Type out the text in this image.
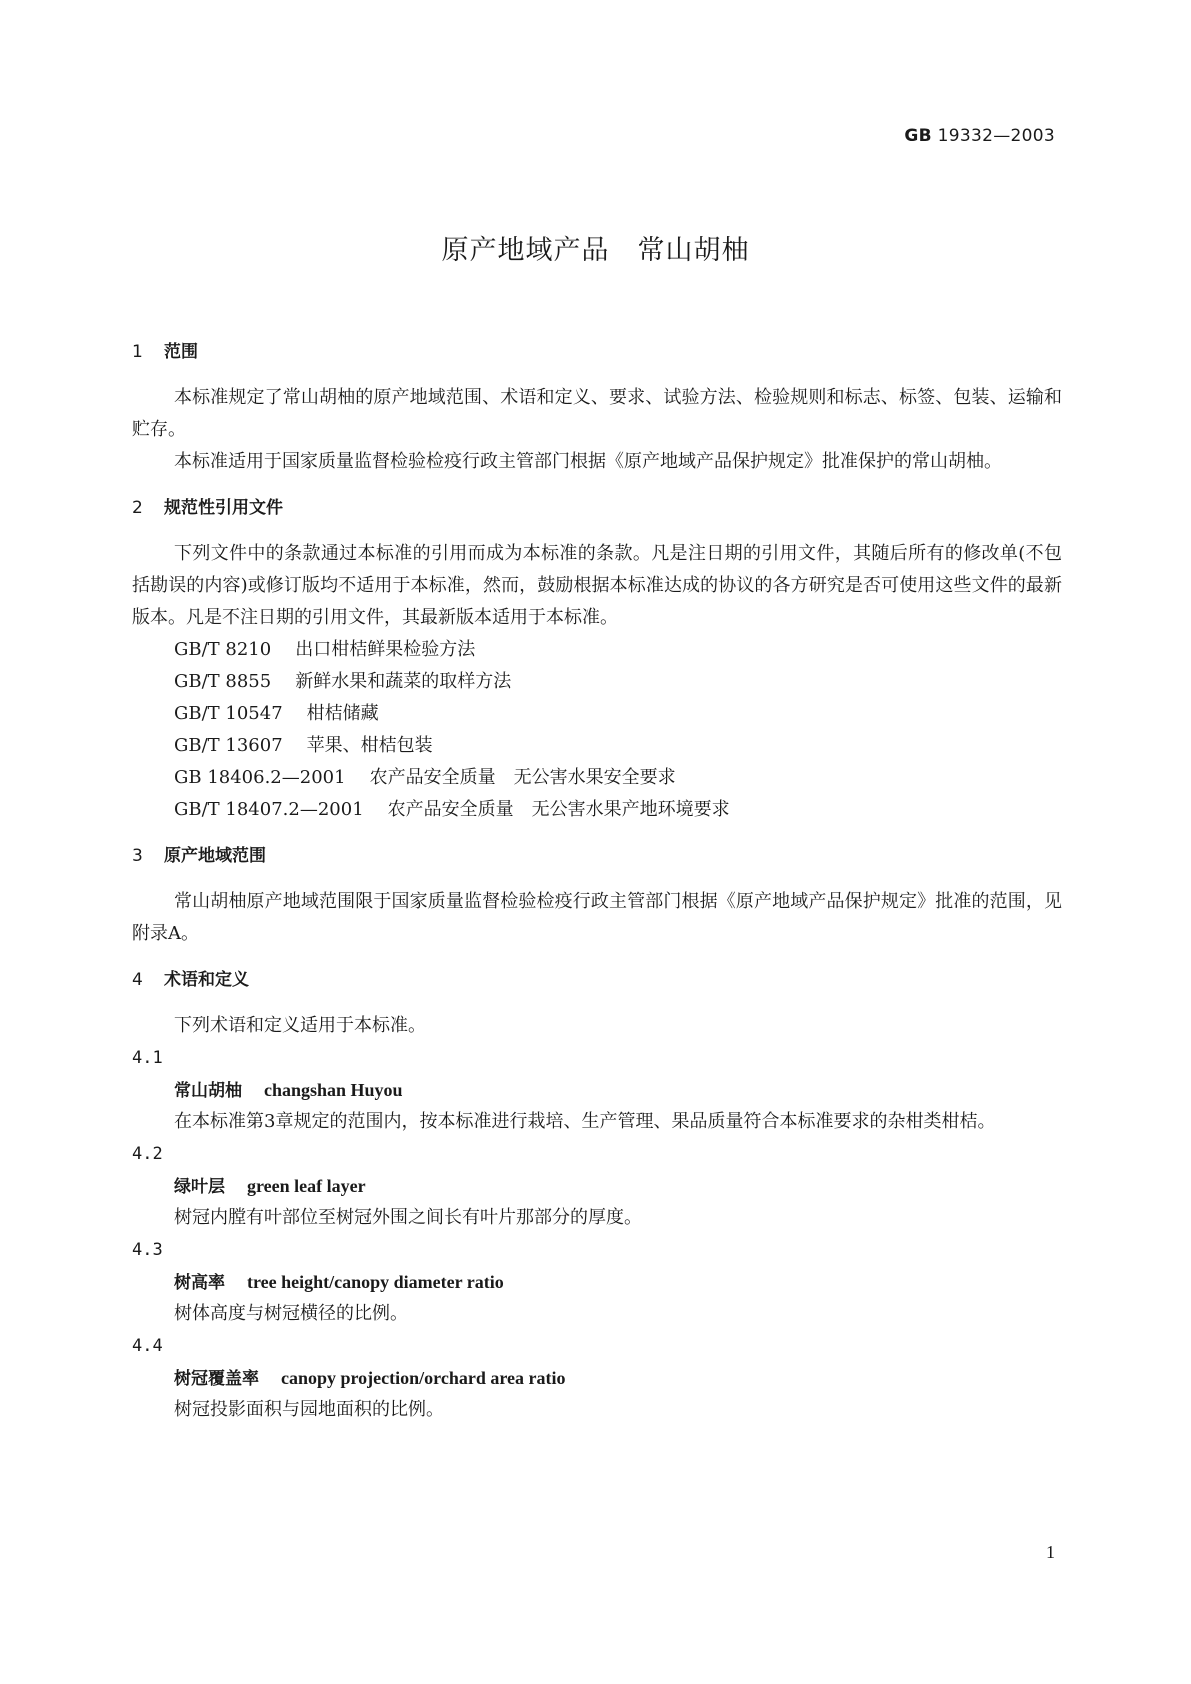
GB 19332—2003
原产地域产品　常山胡柚
1 范围

本标准规定了常山胡柚的原产地域范围、术语和定义、要求、试验方法、检验规则和标志、标签、包装、运输和贮存。

本标准适用于国家质量监督检验检疫行政主管部门根据《原产地域产品保护规定》批准保护的常山胡柚。

2 规范性引用文件

下列文件中的条款通过本标准的引用而成为本标准的条款。凡是注日期的引用文件，其随后所有的修改单(不包括勘误的内容)或修订版均不适用于本标准，然而，鼓励根据本标准达成的协议的各方研究是否可使用这些文件的最新版本。凡是不注日期的引用文件，其最新版本适用于本标准。

GB/T 8210 出口柑桔鲜果检验方法
GB/T 8855 新鲜水果和蔬菜的取样方法
GB/T 10547 柑桔储藏
GB/T 13607 苹果、柑桔包装
GB 18406.2—2001 农产品安全质量　无公害水果安全要求
GB/T 18407.2—2001 农产品安全质量　无公害水果产地环境要求
3 原产地域范围

常山胡柚原产地域范围限于国家质量监督检验检疫行政主管部门根据《原产地域产品保护规定》批准的范围，见附录A。

4 术语和定义

下列术语和定义适用于本标准。

4.1
常山胡柚 changshan Huyou

在本标准第3章规定的范围内，按本标准进行栽培、生产管理、果品质量符合本标准要求的杂柑类柑桔。

4.2
绿叶层 green leaf layer

树冠内膛有叶部位至树冠外围之间长有叶片那部分的厚度。

4.3
树高率 tree height/canopy diameter ratio

树体高度与树冠横径的比例。

4.4
树冠覆盖率 canopy projection/orchard area ratio

树冠投影面积与园地面积的比例。

1
